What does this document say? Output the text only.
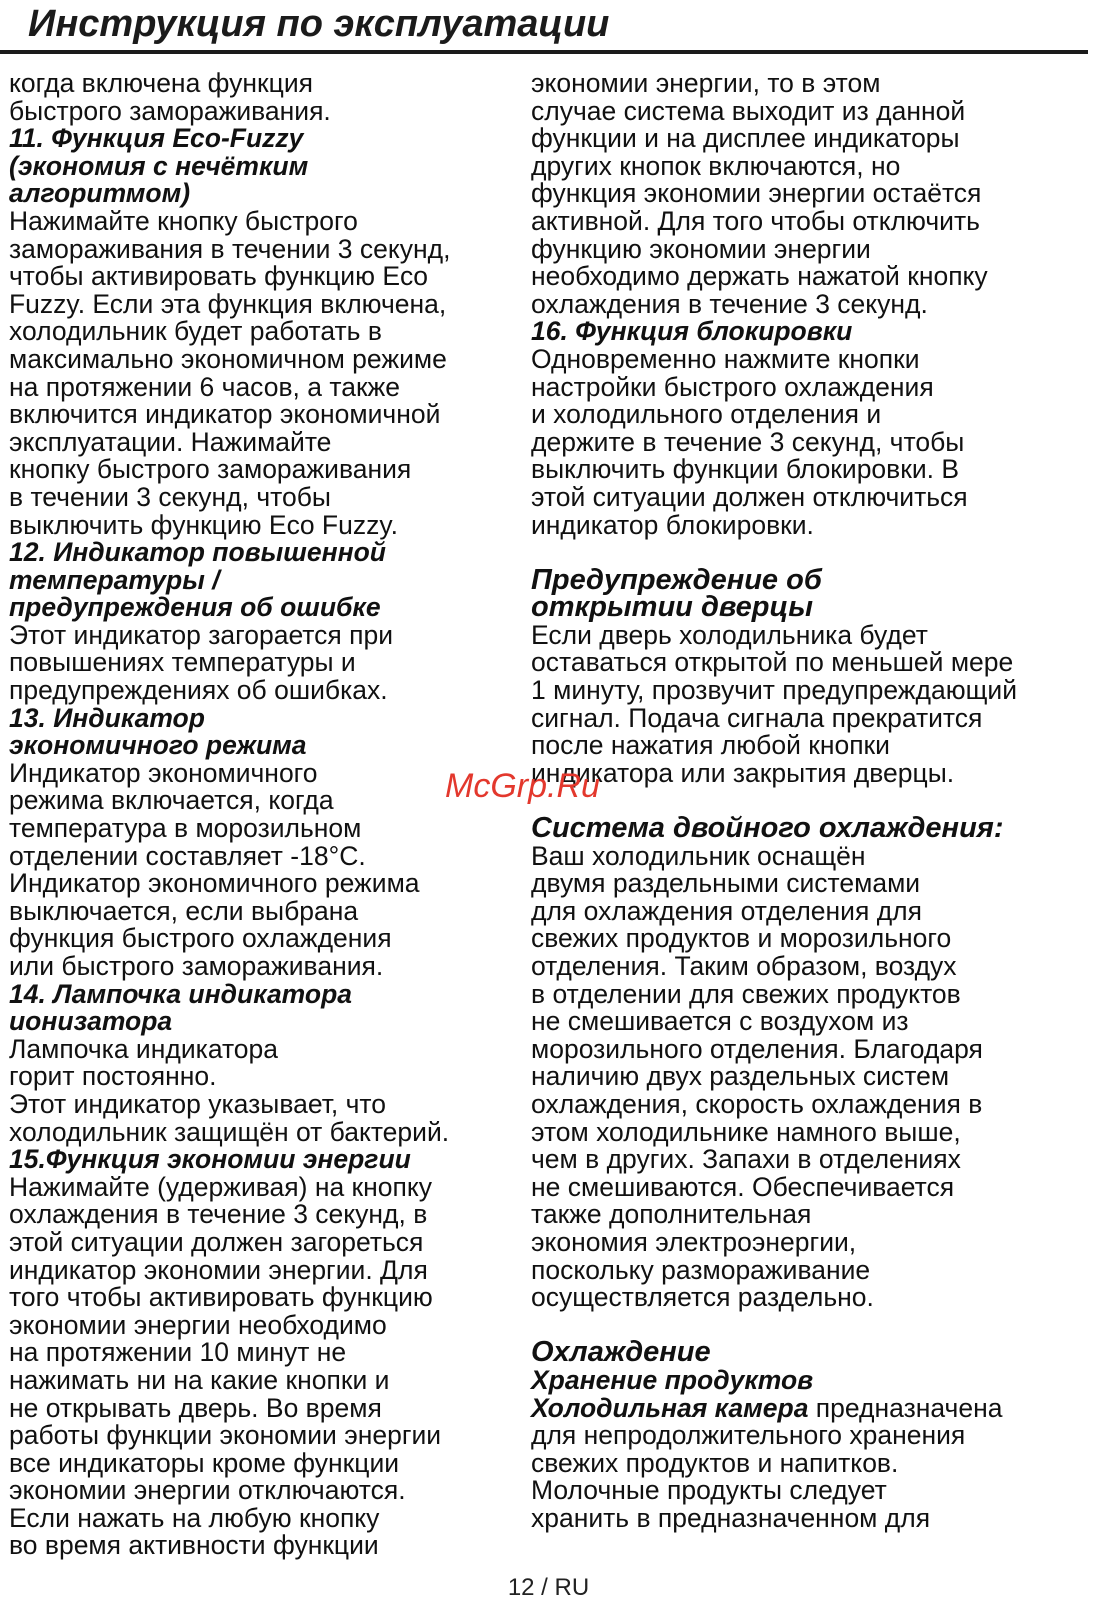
Инструкция по эксплуатации
когда включена функция
быстрого замораживания.
11. Функция Eco-Fuzzy
(экономия с нечётким
алгоритмом)
Нажимайте кнопку быстрого
замораживания в течении 3 секунд,
чтобы активировать функцию Eco
Fuzzy. Если эта функция включена,
холодильник будет работать в
максимально экономичном режиме
на протяжении 6 часов, а также
включится индикатор экономичной
эксплуатации. Нажимайте
кнопку быстрого замораживания
в течении 3 секунд, чтобы
выключить функцию Eco Fuzzy.
12. Индикатор повышенной
температуры /
предупреждения об ошибке
Этот индикатор загорается при
повышениях температуры и
предупреждениях об ошибках.
13. Индикатор
экономичного режима
Индикатор экономичного
режима включается, когда
температура в морозильном
отделении составляет -18°C.
Индикатор экономичного режима
выключается, если выбрана
функция быстрого охлаждения
или быстрого замораживания.
14. Лампочка индикатора
ионизатора
Лампочка индикатора
горит постоянно.
Этот индикатор указывает, что
холодильник защищён от бактерий.
15.Функция экономии энергии
Нажимайте (удерживая) на кнопку
охлаждения в течение 3 секунд, в
этой ситуации должен загореться
индикатор экономии энергии. Для
того чтобы активировать функцию
экономии энергии необходимо
на протяжении 10 минут не
нажимать ни на какие кнопки и
не открывать дверь. Во время
работы функции экономии энергии
все индикаторы кроме функции
экономии энергии отключаются.
Если нажать на любую кнопку
во время активности функции
экономии энергии, то в этом
случае система выходит из данной
функции и на дисплее индикаторы
других кнопок включаются, но
функция экономии энергии остаётся
активной. Для того чтобы отключить
функцию экономии энергии
необходимо держать нажатой кнопку
охлаждения в течение 3 секунд.
16. Функция блокировки
Одновременно нажмите кнопки
настройки быстрого охлаждения
и холодильного отделения и
держите в течение 3 секунд, чтобы
выключить функции блокировки. В
этой ситуации должен отключиться
индикатор блокировки.
Предупреждение об
открытии дверцы
Если дверь холодильника будет
оставаться открытой по меньшей мере
1 минуту, прозвучит предупреждающий
сигнал. Подача сигнала прекратится
после нажатия любой кнопки
индикатора или закрытия дверцы.
Система двойного охлаждения:
Ваш холодильник оснащён
двумя раздельными системами
для охлаждения отделения для
свежих продуктов и морозильного
отделения. Таким образом, воздух
в отделении для свежих продуктов
не смешивается с воздухом из
морозильного отделения. Благодаря
наличию двух раздельных систем
охлаждения, скорость охлаждения в
этом холодильнике намного выше,
чем в других. Запахи в отделениях
не смешиваются. Обеспечивается
также дополнительная
экономия электроэнергии,
поскольку размораживание
осуществляется раздельно.
Охлаждение
Хранение продуктов
Холодильная камера предназначена
для непродолжительного хранения
свежих продуктов и напитков.
Молочные продукты следует
хранить в предназначенном для
McGrp.Ru
12 / RU
